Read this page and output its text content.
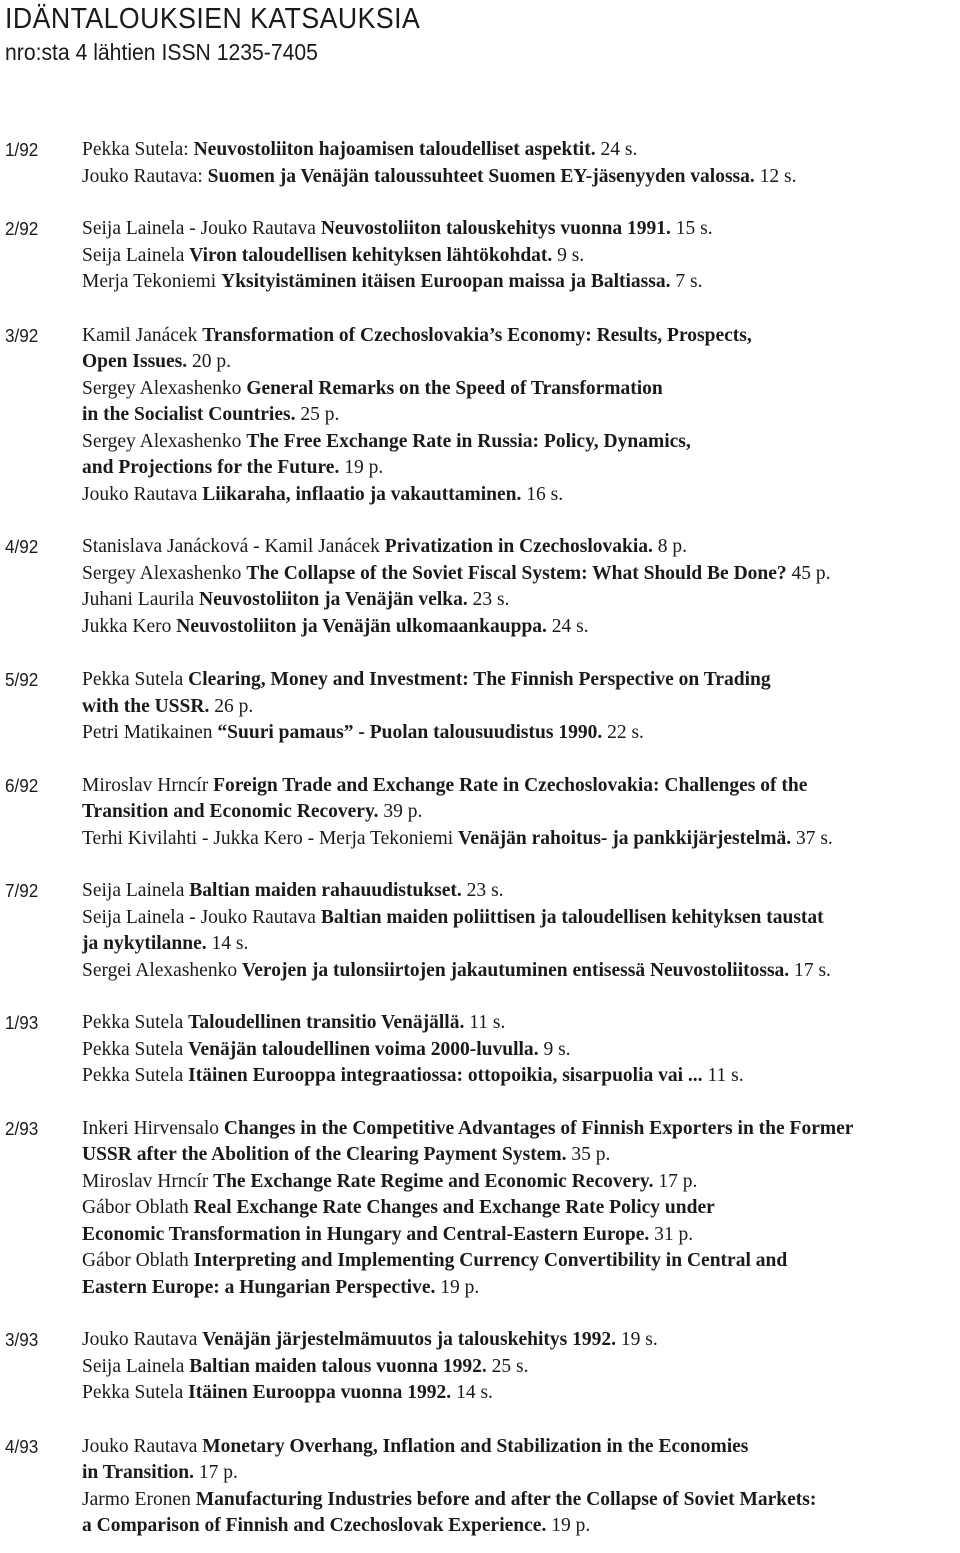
IDÄNTALOUKSIEN KATSAUKSIA
nro:sta 4 lähtien ISSN 1235-7405
1/92 Pekka Sutela: Neuvostoliiton hajoamisen taloudelliset aspektit. 24 s.
Jouko Rautava: Suomen ja Venäjän taloussuhteet Suomen EY-jäsenyyden valossa. 12 s.
2/92 Seija Lainela - Jouko Rautava Neuvostoliiton talouskehitys vuonna 1991. 15 s.
Seija Lainela Viron taloudellisen kehityksen lähtökohdat. 9 s.
Merja Tekoniemi Yksityistäminen itäisen Euroopan maissa ja Baltiassa. 7 s.
3/92 Kamil Janácek Transformation of Czechoslovakia’s Economy: Results, Prospects,
Open Issues. 20 p.
Sergey Alexashenko General Remarks on the Speed of Transformation
in the Socialist Countries. 25 p.
Sergey Alexashenko The Free Exchange Rate in Russia: Policy, Dynamics,
and Projections for the Future. 19 p.
Jouko Rautava Liikaraha, inflaatio ja vakauttaminen. 16 s.
4/92 Stanislava Janácková - Kamil Janácek Privatization in Czechoslovakia. 8 p.
Sergey Alexashenko The Collapse of the Soviet Fiscal System: What Should Be Done? 45 p.
Juhani Laurila Neuvostoliiton ja Venäjän velka. 23 s.
Jukka Kero Neuvostoliiton ja Venäjän ulkomaankauppa. 24 s.
5/92 Pekka Sutela Clearing, Money and Investment: The Finnish Perspective on Trading
with the USSR. 26 p.
Petri Matikainen “Suuri pamaus” - Puolan talousuudistus 1990. 22 s.
6/92 Miroslav Hrncír Foreign Trade and Exchange Rate in Czechoslovakia: Challenges of the
Transition and Economic Recovery. 39 p.
Terhi Kivilahti - Jukka Kero - Merja Tekoniemi Venäjän rahoitus- ja pankkijärjestelmä. 37 s.
7/92 Seija Lainela Baltian maiden rahauudistukset. 23 s.
Seija Lainela - Jouko Rautava Baltian maiden poliittisen ja taloudellisen kehityksen taustat
ja nykytilanne. 14 s.
Sergei Alexashenko Verojen ja tulonsiirtojen jakautuminen entisessä Neuvostoliitossa. 17 s.
1/93 Pekka Sutela Taloudellinen transitio Venäjällä. 11 s.
Pekka Sutela Venäjän taloudellinen voima 2000-luvulla. 9 s.
Pekka Sutela Itäinen Eurooppa integraatiossa: ottopoikia, sisarpuolia vai ... 11 s.
2/93 Inkeri Hirvensalo Changes in the Competitive Advantages of Finnish Exporters in the Former
USSR after the Abolition of the Clearing Payment System. 35 p.
Miroslav Hrncír The Exchange Rate Regime and Economic Recovery. 17 p.
Gábor Oblath Real Exchange Rate Changes and Exchange Rate Policy under
Economic Transformation in Hungary and Central-Eastern Europe. 31 p.
Gábor Oblath Interpreting and Implementing Currency Convertibility in Central and
Eastern Europe: a Hungarian Perspective. 19 p.
3/93 Jouko Rautava Venäjän järjestelmämuutos ja talouskehitys 1992. 19 s.
Seija Lainela Baltian maiden talous vuonna 1992. 25 s.
Pekka Sutela Itäinen Eurooppa vuonna 1992. 14 s.
4/93 Jouko Rautava Monetary Overhang, Inflation and Stabilization in the Economies
in Transition. 17 p.
Jarmo Eronen Manufacturing Industries before and after the Collapse of Soviet Markets:
a Comparison of Finnish and Czechoslovak Experience. 19 p.
